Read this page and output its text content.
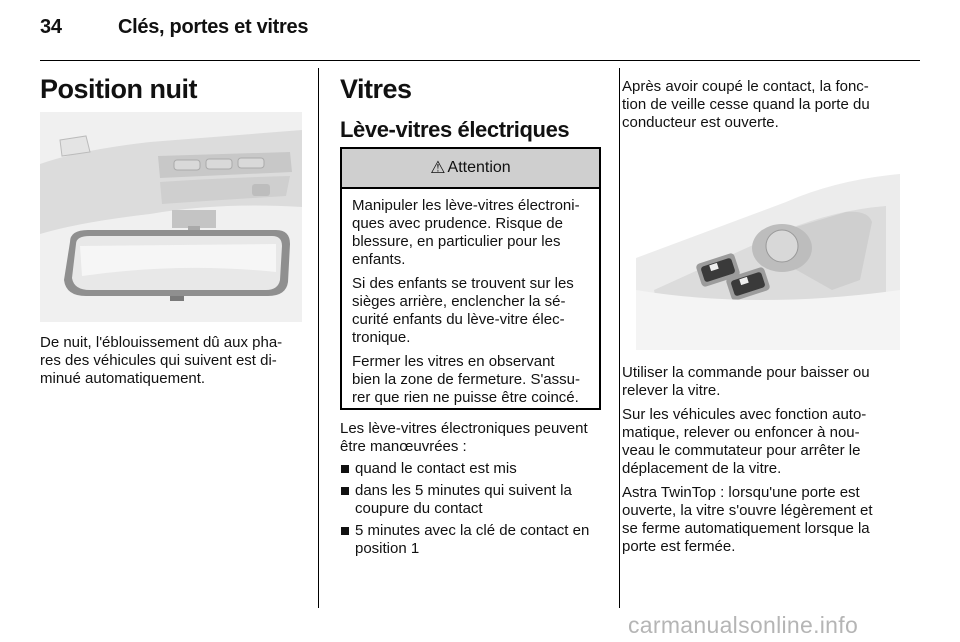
34	Clés, portes et vitres
Position nuit

De nuit, l'éblouissement dû aux pha-
res des véhicules qui suivent est di-
minué automatiquement.

Vitres
Lève-vitres électriques
⚠ Attention

Manipuler les lève-vitres électroni-
ques avec prudence. Risque de
blessure, en particulier pour les
enfants.

Si des enfants se trouvent sur les
sièges arrière, enclencher la sé-
curité enfants du lève-vitre élec-
tronique.

Fermer les vitres en observant
bien la zone de fermeture. S'assu-
rer que rien ne puisse être coincé.

Les lève-vitres électroniques peuvent
être manœuvrées :

quand le contact est mis
dans les 5 minutes qui suivent la
coupure du contact
5 minutes avec la clé de contact en
position 1

Après avoir coupé le contact, la fonc-
tion de veille cesse quand la porte du
conducteur est ouverte.

Utiliser la commande pour baisser ou
relever la vitre.

Sur les véhicules avec fonction auto-
matique, relever ou enfoncer à nou-
veau le commutateur pour arrêter le
déplacement de la vitre.

Astra TwinTop : lorsqu'une porte est
ouverte, la vitre s'ouvre légèrement et
se ferme automatiquement lorsque la
porte est fermée.

carmanualsonline.info
